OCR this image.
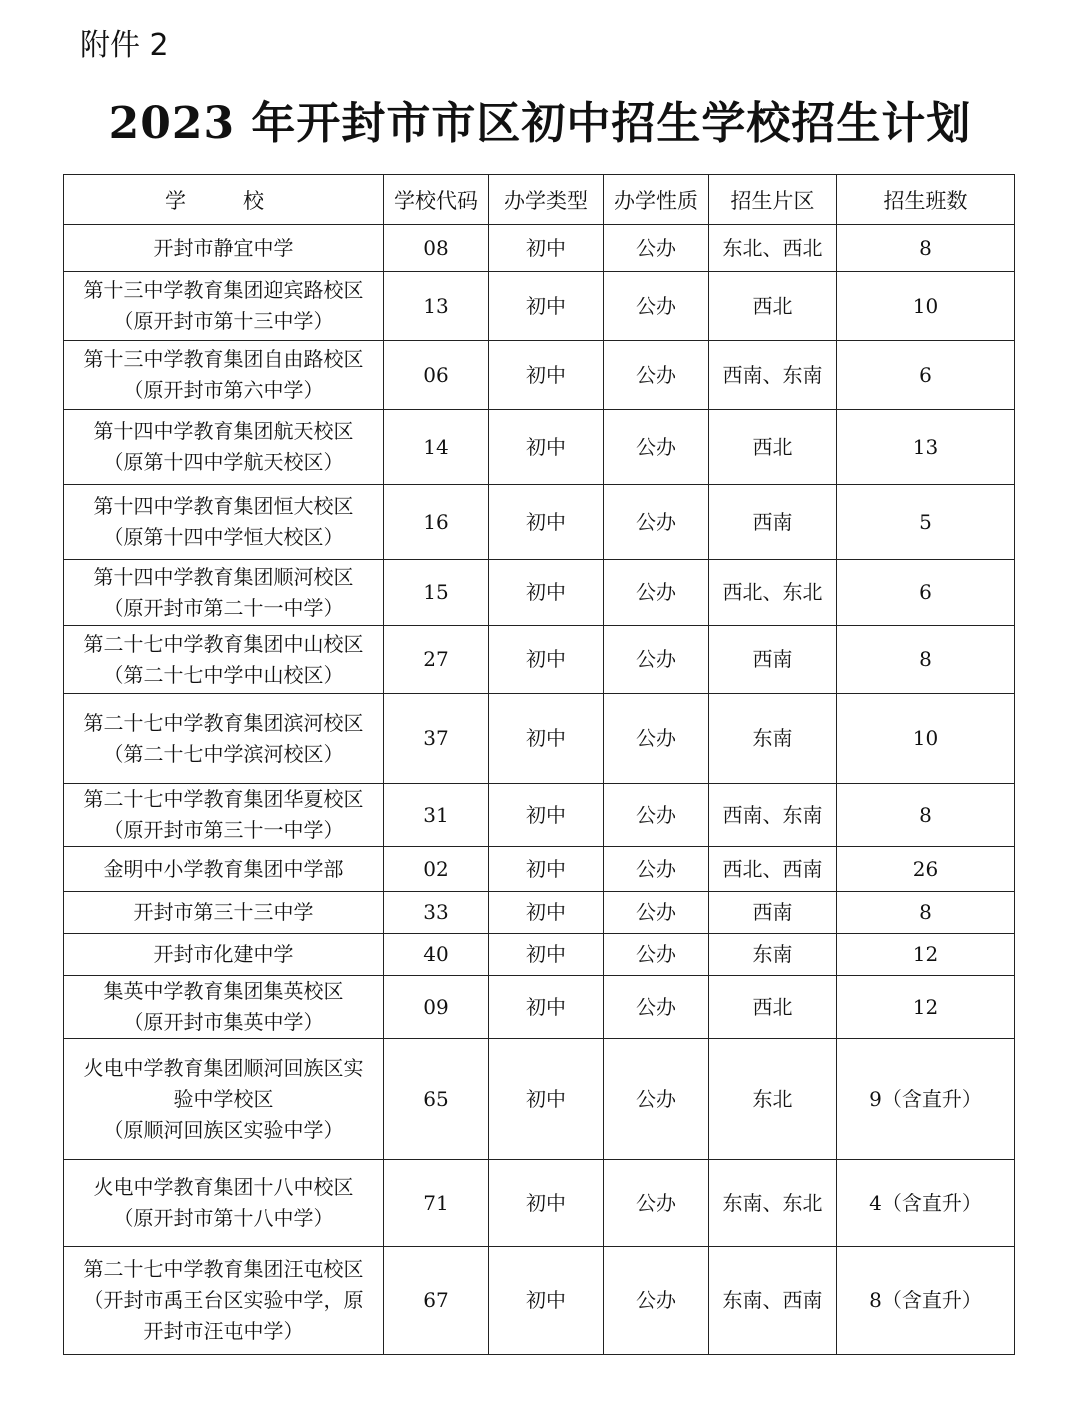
附件 2
2023 年开封市市区初中招生学校招生计划
学　校	学校代码	办学类型	办学性质	招生片区	招生班数

开封市静宜中学	08	初中	公办	东北、西北	8

第十三中学教育集团迎宾路校区
（原开封市第十三中学）	13	初中	公办	西北	10

第十三中学教育集团自由路校区
（原开封市第六中学）	06	初中	公办	西南、东南	6

第十四中学教育集团航天校区
（原第十四中学航天校区）	14	初中	公办	西北	13

第十四中学教育集团恒大校区
（原第十四中学恒大校区）	16	初中	公办	西南	5

第十四中学教育集团顺河校区
（原开封市第二十一中学）	15	初中	公办	西北、东北	6

第二十七中学教育集团中山校区
（第二十七中学中山校区）	27	初中	公办	西南	8

第二十七中学教育集团滨河校区
（第二十七中学滨河校区）	37	初中	公办	东南	10

第二十七中学教育集团华夏校区
（原开封市第三十一中学）	31	初中	公办	西南、东南	8

金明中小学教育集团中学部	02	初中	公办	西北、西南	26

开封市第三十三中学	33	初中	公办	西南	8

开封市化建中学	40	初中	公办	东南	12

集英中学教育集团集英校区
（原开封市集英中学）	09	初中	公办	西北	12

火电中学教育集团顺河回族区实
验中学校区
（原顺河回族区实验中学）	65	初中	公办	东北	9（含直升）

火电中学教育集团十八中校区
（原开封市第十八中学）	71	初中	公办	东南、东北	4（含直升）

第二十七中学教育集团汪屯校区
（开封市禹王台区实验中学，原
开封市汪屯中学）	67	初中	公办	东南、西南	8（含直升）
